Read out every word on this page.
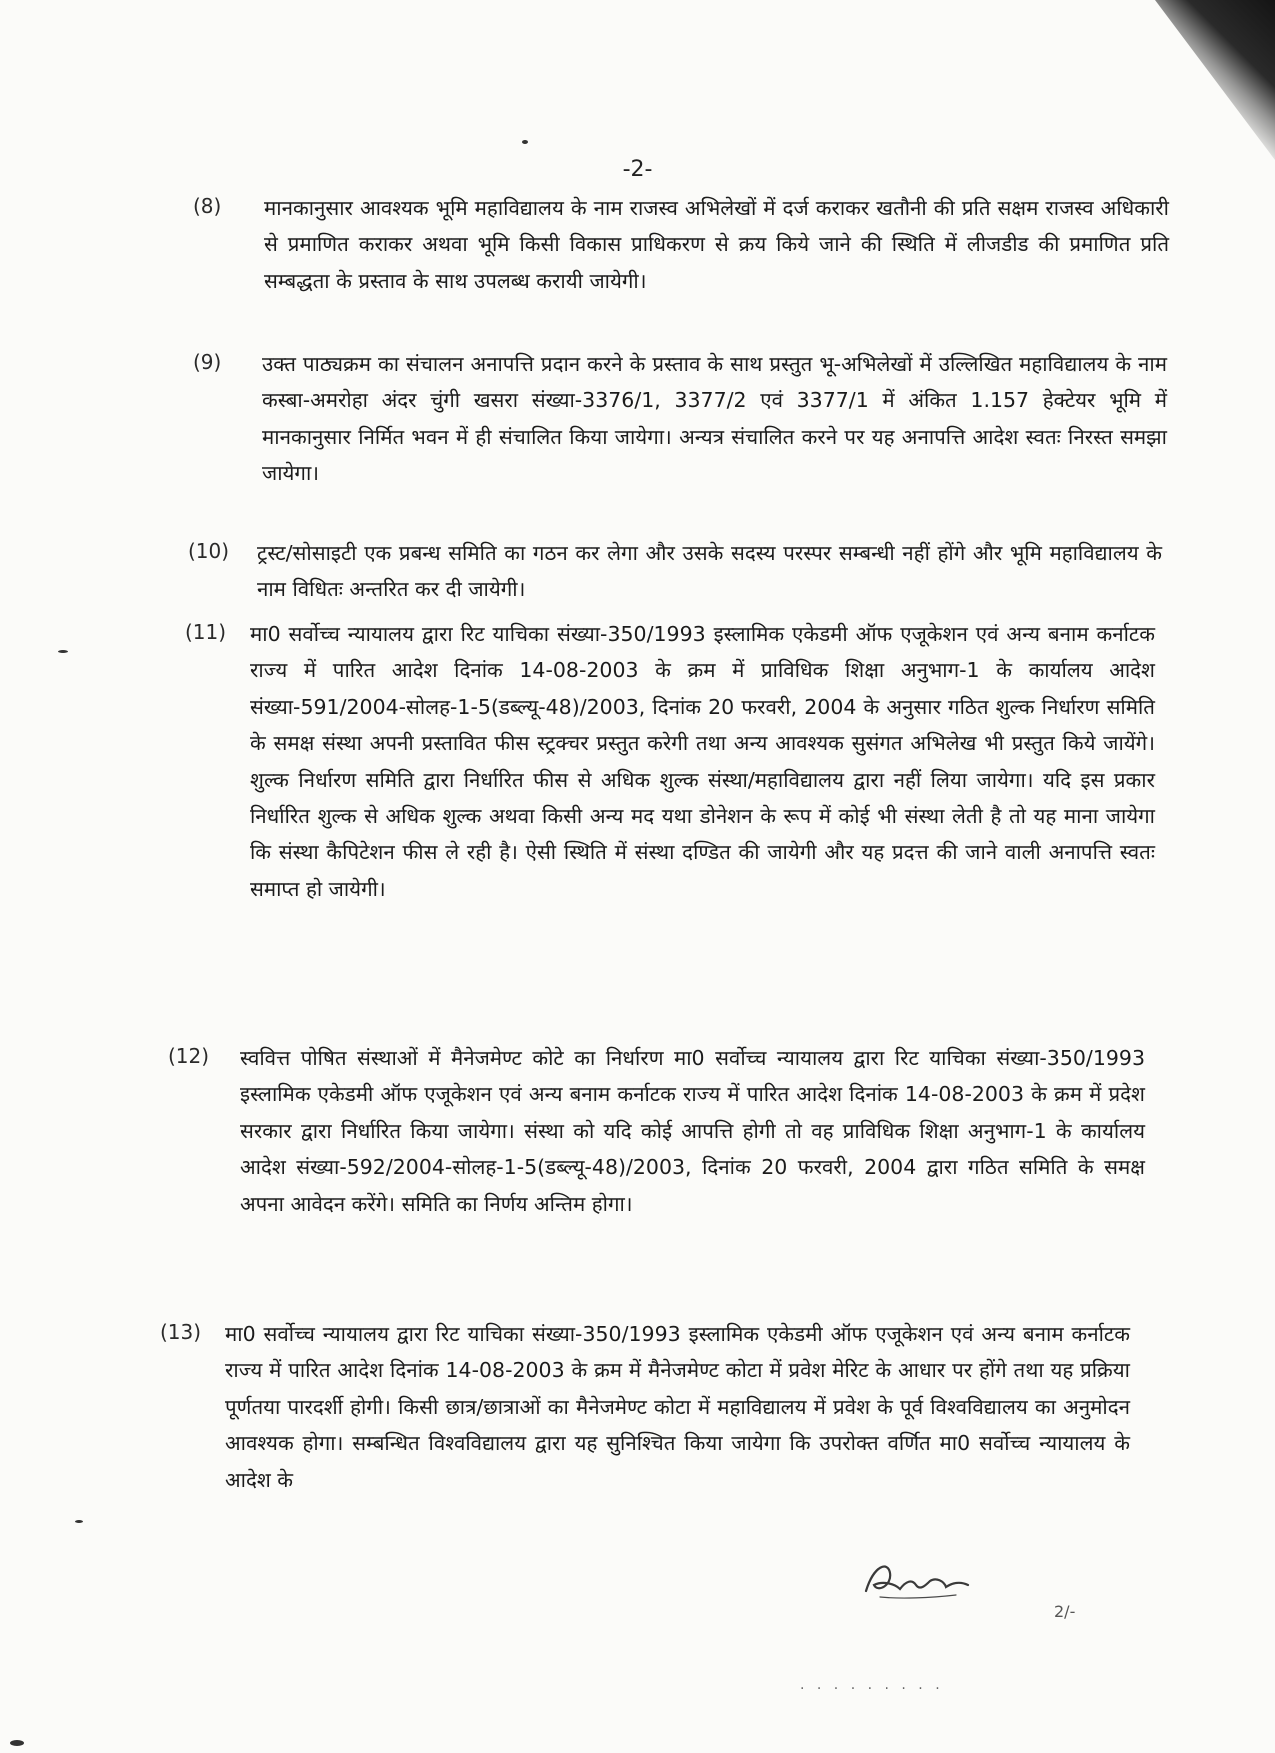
-2-
(8) मानकानुसार आवश्यक भूमि महाविद्यालय के नाम राजस्व अभिलेखों में दर्ज कराकर खतौनी की प्रति सक्षम राजस्व अधिकारी से प्रमाणित कराकर अथवा भूमि किसी विकास प्राधिकरण से क्रय किये जाने की स्थिति में लीजडीड की प्रमाणित प्रति सम्बद्धता के प्रस्ताव के साथ उपलब्ध करायी जायेगी।
(9) उक्त पाठ्यक्रम का संचालन अनापत्ति प्रदान करने के प्रस्ताव के साथ प्रस्तुत भू-अभिलेखों में उल्लिखित महाविद्यालय के नाम कस्बा-अमरोहा अंदर चुंगी खसरा संख्या-3376/1, 3377/2 एवं 3377/1 में अंकित 1.157 हेक्टेयर भूमि में मानकानुसार निर्मित भवन में ही संचालित किया जायेगा। अन्यत्र संचालित करने पर यह अनापत्ति आदेश स्वतः निरस्त समझा जायेगा।
(10) ट्रस्ट/सोसाइटी एक प्रबन्ध समिति का गठन कर लेगा और उसके सदस्य परस्पर सम्बन्धी नहीं होंगे और भूमि महाविद्यालय के नाम विधितः अन्तरित कर दी जायेगी।
(11) मा0 सर्वोच्च न्यायालय द्वारा रिट याचिका संख्या-350/1993 इस्लामिक एकेडमी ऑफ एजूकेशन एवं अन्य बनाम कर्नाटक राज्य में पारित आदेश दिनांक 14-08-2003 के क्रम में प्राविधिक शिक्षा अनुभाग-1 के कार्यालय आदेश संख्या-591/2004-सोलह-1-5(डब्ल्यू-48)/2003, दिनांक 20 फरवरी, 2004 के अनुसार गठित शुल्क निर्धारण समिति के समक्ष संस्था अपनी प्रस्तावित फीस स्ट्रक्चर प्रस्तुत करेगी तथा अन्य आवश्यक सुसंगत अभिलेख भी प्रस्तुत किये जायेंगे। शुल्क निर्धारण समिति द्वारा निर्धारित फीस से अधिक शुल्क संस्था/महाविद्यालय द्वारा नहीं लिया जायेगा। यदि इस प्रकार निर्धारित शुल्क से अधिक शुल्क अथवा किसी अन्य मद यथा डोनेशन के रूप में कोई भी संस्था लेती है तो यह माना जायेगा कि संस्था कैपिटेशन फीस ले रही है। ऐसी स्थिति में संस्था दण्डित की जायेगी और यह प्रदत्त की जाने वाली अनापत्ति स्वतः समाप्त हो जायेगी।
(12) स्ववित्त पोषित संस्थाओं में मैनेजमेण्ट कोटे का निर्धारण मा0 सर्वोच्च न्यायालय द्वारा रिट याचिका संख्या-350/1993 इस्लामिक एकेडमी ऑफ एजूकेशन एवं अन्य बनाम कर्नाटक राज्य में पारित आदेश दिनांक 14-08-2003 के क्रम में प्रदेश सरकार द्वारा निर्धारित किया जायेगा। संस्था को यदि कोई आपत्ति होगी तो वह प्राविधिक शिक्षा अनुभाग-1 के कार्यालय आदेश संख्या-592/2004-सोलह-1-5(डब्ल्यू-48)/2003, दिनांक 20 फरवरी, 2004 द्वारा गठित समिति के समक्ष अपना आवेदन करेंगे। समिति का निर्णय अन्तिम होगा।
(13) मा0 सर्वोच्च न्यायालय द्वारा रिट याचिका संख्या-350/1993 इस्लामिक एकेडमी ऑफ एजूकेशन एवं अन्य बनाम कर्नाटक राज्य में पारित आदेश दिनांक 14-08-2003 के क्रम में मैनेजमेण्ट कोटा में प्रवेश मेरिट के आधार पर होंगे तथा यह प्रक्रिया पूर्णतया पारदर्शी होगी। किसी छात्र/छात्राओं का मैनेजमेण्ट कोटा में महाविद्यालय में प्रवेश के पूर्व विश्वविद्यालय का अनुमोदन आवश्यक होगा। सम्बन्धित विश्वविद्यालय द्वारा यह सुनिश्चित किया जायेगा कि उपरोक्त वर्णित मा0 सर्वोच्च न्यायालय के आदेश के
2/-
. . . . . . . . .
